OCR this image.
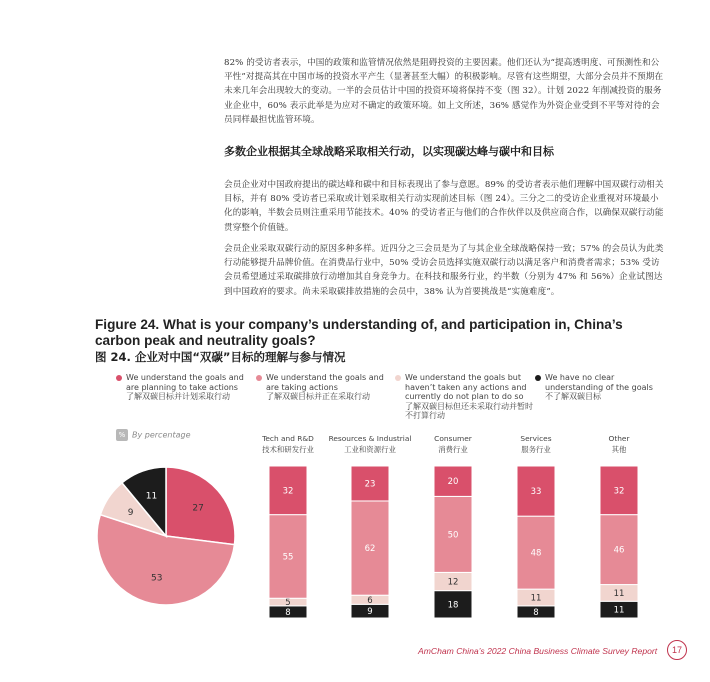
82% 的受访者表示，中国的政策和监管情况依然是阻碍投资的主要因素。他们还认为“提高透明度、可预测性和公平性”对提高其在中国市场的投资水平产生（显著甚至大幅）的积极影响。尽管有这些期望，大部分会员并不预期在未来几年会出现较大的变动。一半的会员估计中国的投资环境将保持不变（图 32）。计划 2022 年削减投资的服务业企业中，60% 表示此举是为应对不确定的政策环境。如上文所述，36% 感觉作为外资企业受到不平等对待的会员同样最担忧监管环境。

多数企业根据其全球战略采取相关行动，以实现碳达峰与碳中和目标

会员企业对中国政府提出的碳达峰和碳中和目标表现出了参与意愿。89% 的受访者表示他们理解中国双碳行动相关目标，并有 80% 受访者已采取或计划采取相关行动实现前述目标（图 24）。三分之二的受访企业重视对环境最小化的影响，半数会员则注重采用节能技术。40% 的受访者正与他们的合作伙伴以及供应商合作，以确保双碳行动能贯穿整个价值链。

会员企业采取双碳行动的原因多种多样。近四分之三会员是为了与其企业全球战略保持一致；57% 的会员认为此类行动能够提升品牌价值。在消费品行业中，50% 受访会员选择实施双碳行动以满足客户和消费者需求；53% 受访会员希望通过采取碳排放行动增加其自身竞争力。在科技和服务行业，约半数（分别为 47% 和 56%）企业试图达到中国政府的要求。尚未采取碳排放措施的会员中，38% 认为首要挑战是“实施难度”。

Figure 24. What is your company’s understanding of, and participation in, China’s carbon peak and neutrality goals?
图 24. 企业对中国“双碳”目标的理解与参与情况
We understand the goals and are planning to take actions
了解双碳目标并计划采取行动
We understand the goals and are taking actions
了解双碳目标并正在采取行动
We understand the goals but haven’t taken any actions and currently do not plan to do so
了解双碳目标但还未采取行动并暂时不打算行动
We have no clear understanding of the goals
不了解双碳目标
% By percentage
27
53
9
11
Tech and R&D
技术和研发行业
8
5
55
32
Resources & Industrial
工业和资源行业
9
6
62
23
Consumer
消费行业
18
12
50
20
Services
服务行业
8
11
48
33
Other
其他
11
11
46
32
AmCham China’s 2022 China Business Climate Survey Report	17
